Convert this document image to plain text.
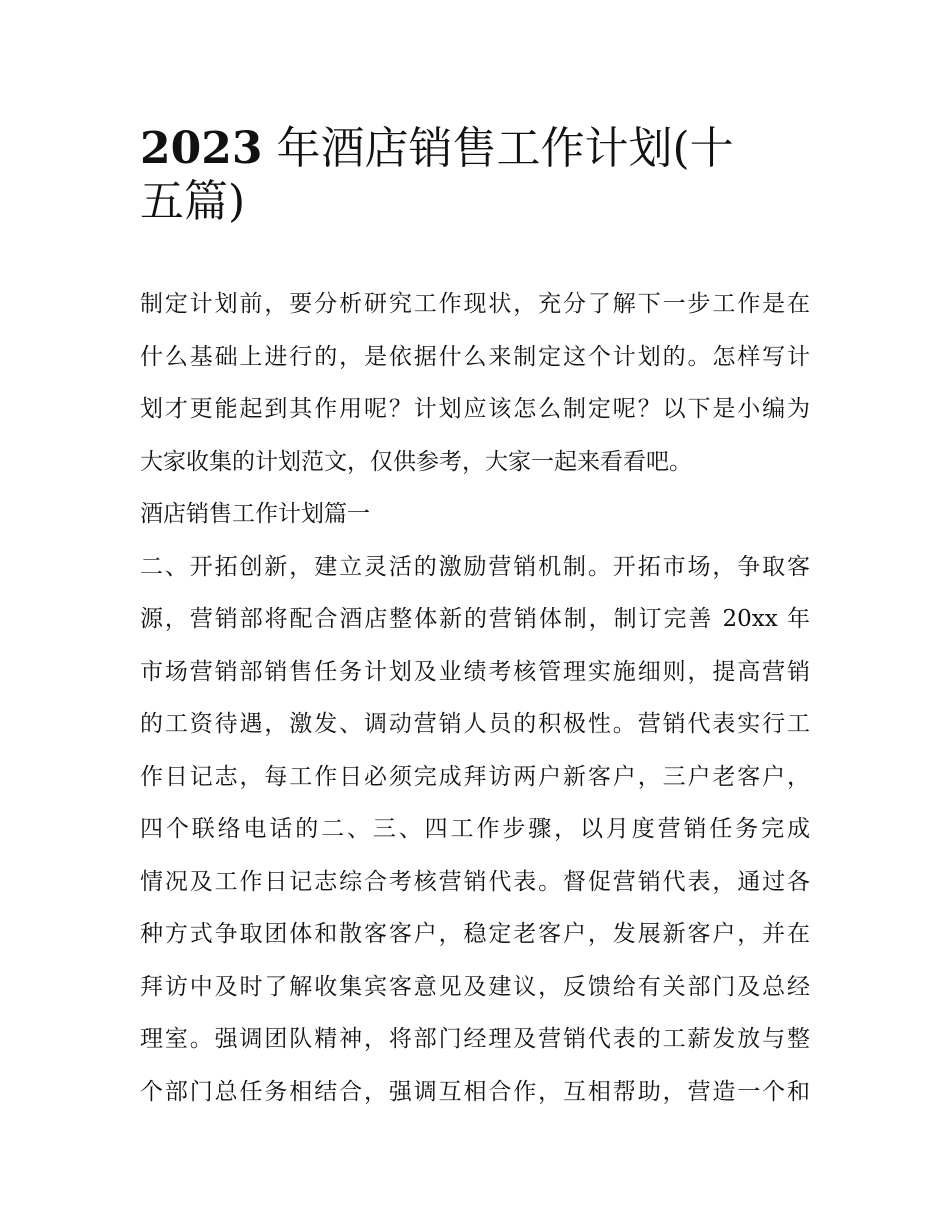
2023 年酒店销售工作计划(十
五篇)
制定计划前，要分析研究工作现状，充分了解下一步工作是在
什么基础上进行的，是依据什么来制定这个计划的。怎样写计
划才更能起到其作用呢？计划应该怎么制定呢？以下是小编为
大家收集的计划范文，仅供参考，大家一起来看看吧。
酒店销售工作计划篇一
二、开拓创新，建立灵活的激励营销机制。开拓市场，争取客
源，营销部将配合酒店整体新的营销体制，制订完善 20xx 年
市场营销部销售任务计划及业绩考核管理实施细则，提高营销
的工资待遇，激发、调动营销人员的积极性。营销代表实行工
作日记志，每工作日必须完成拜访两户新客户，三户老客户，
四个联络电话的二、三、四工作步骤，以月度营销任务完成
情况及工作日记志综合考核营销代表。督促营销代表，通过各
种方式争取团体和散客客户，稳定老客户，发展新客户，并在
拜访中及时了解收集宾客意见及建议，反馈给有关部门及总经
理室。强调团队精神，将部门经理及营销代表的工薪发放与整
个部门总任务相结合，强调互相合作，互相帮助，营造一个和
